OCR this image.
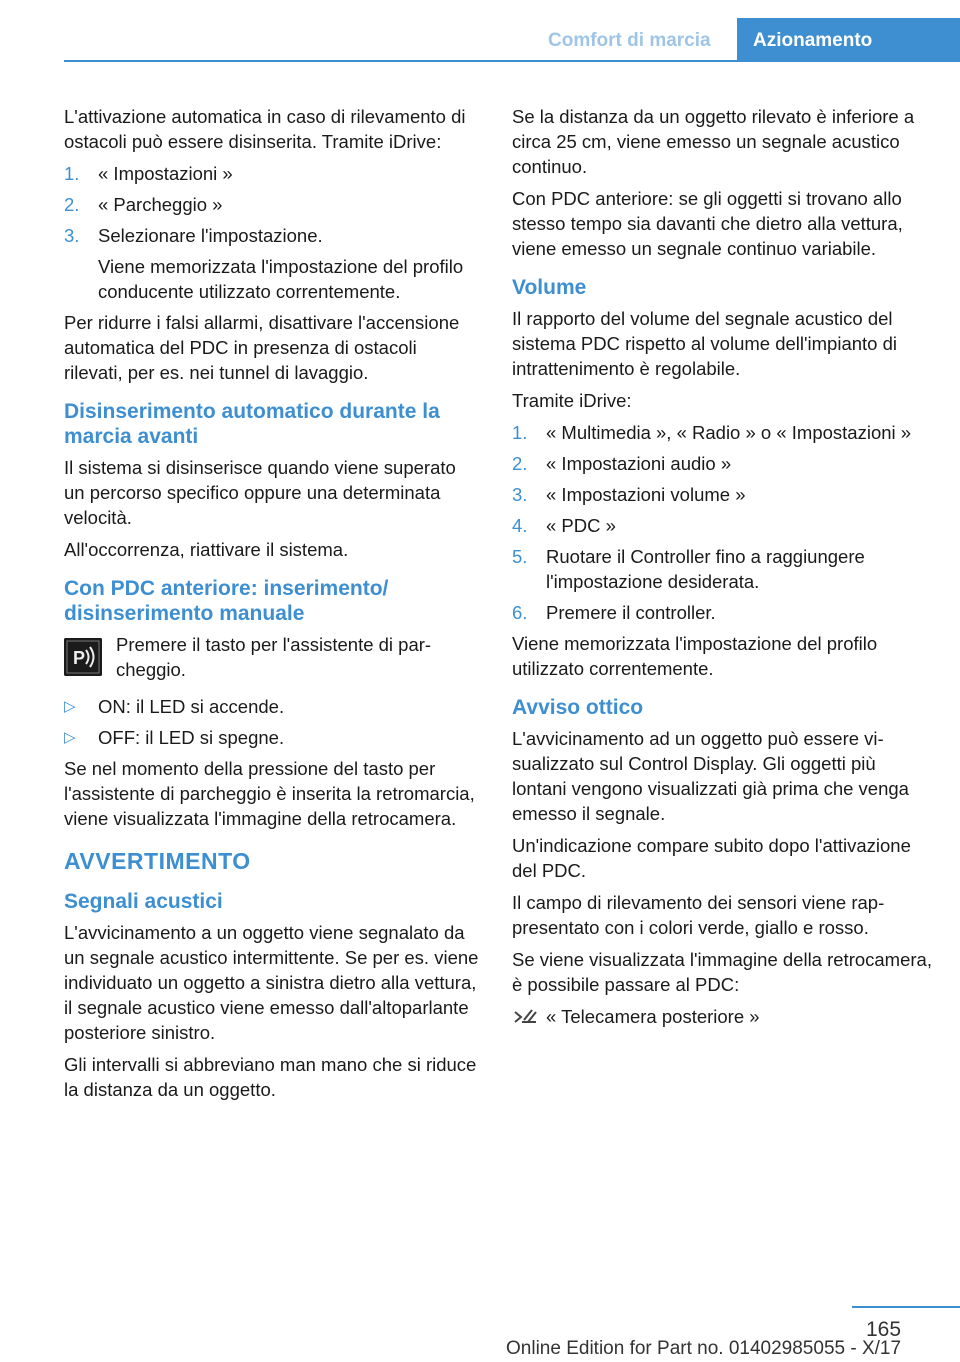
Comfort di marcia	Azionamento

L'attivazione automatica in caso di rilevamento di ostacoli può essere disinserita. Tramite iDrive:

1. « Impostazioni »
2. « Parcheggio »
3. Selezionare l'impostazione.
Viene memorizzata l'impostazione del profilo conducente utilizzato correntemente.

Per ridurre i falsi allarmi, disattivare l'accensione automatica del PDC in presenza di ostacoli rilevati, per es. nei tunnel di lavaggio.

Disinserimento automatico durante la marcia avanti

Il sistema si disinserisce quando viene superato un percorso specifico oppure una determinata velocità.

All'occorrenza, riattivare il sistema.

Con PDC anteriore: inserimento/ disinserimento manuale
P
Premere il tasto per l'assistente di parcheggio.
▷ ON: il LED si accende.
▷ OFF: il LED si spegne.

Se nel momento della pressione del tasto per l'assistente di parcheggio è inserita la retromarcia, viene visualizzata l'immagine della retrocamera.

AVVERTIMENTO
Segnali acustici

L'avvicinamento a un oggetto viene segnalato da un segnale acustico intermittente. Se per es. viene individuato un oggetto a sinistra dietro alla vettura, il segnale acustico viene emesso dall'altoparlante posteriore sinistro.

Gli intervalli si abbreviano man mano che si riduce la distanza da un oggetto.

Se la distanza da un oggetto rilevato è inferiore a circa 25 cm, viene emesso un segnale acustico continuo.

Con PDC anteriore: se gli oggetti si trovano allo stesso tempo sia davanti che dietro alla vettura, viene emesso un segnale continuo variabile.

Volume

Il rapporto del volume del segnale acustico del sistema PDC rispetto al volume dell'impianto di intrattenimento è regolabile.

Tramite iDrive:

1. « Multimedia », « Radio » o « Impostazioni »
2. « Impostazioni audio »
3. « Impostazioni volume »
4. « PDC »
5. Ruotare il Controller fino a raggiungere l'impostazione desiderata.
6. Premere il controller.

Viene memorizzata l'impostazione del profilo utilizzato correntemente.

Avviso ottico

L'avvicinamento ad un oggetto può essere visualizzato sul Control Display. Gli oggetti più lontani vengono visualizzati già prima che venga emesso il segnale.

Un'indicazione compare subito dopo l'attivazione del PDC.

Il campo di rilevamento dei sensori viene rappresentato con i colori verde, giallo e rosso.

Se viene visualizzata l'immagine della retrocamera, è possibile passare al PDC:

« Telecamera posteriore »
165
Online Edition for Part no. 01402985055 - X/17
